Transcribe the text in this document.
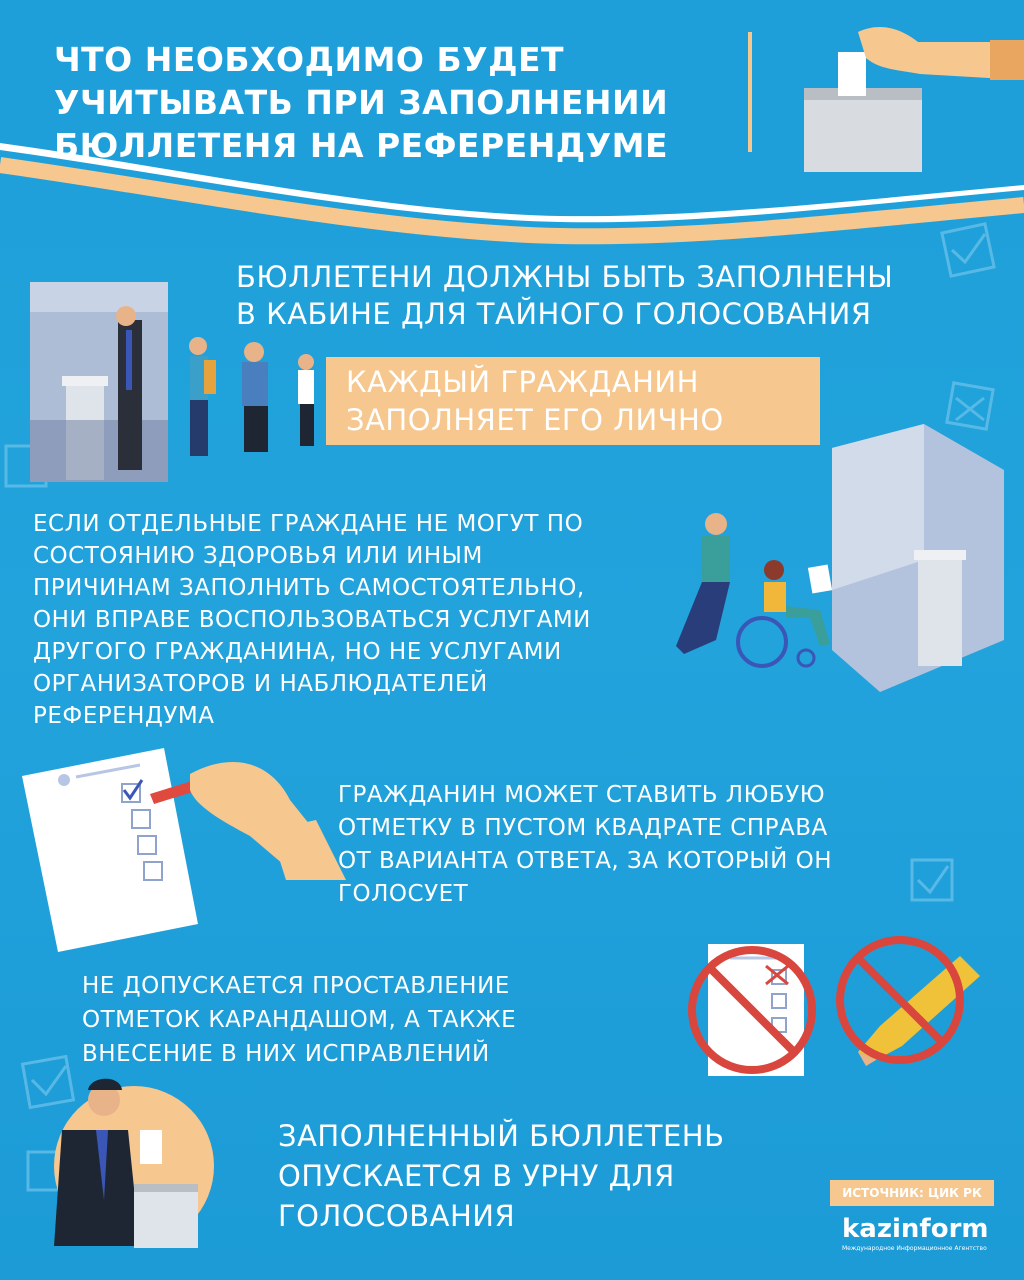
ЧТО НЕОБХОДИМО БУДЕТ
УЧИТЫВАТЬ ПРИ ЗАПОЛНЕНИИ
БЮЛЛЕТЕНЯ НА РЕФЕРЕНДУМЕ
БЮЛЛЕТЕНИ ДОЛЖНЫ БЫТЬ ЗАПОЛНЕНЫ
В КАБИНЕ ДЛЯ ТАЙНОГО ГОЛОСОВАНИЯ
КАЖДЫЙ ГРАЖДАНИН
ЗАПОЛНЯЕТ ЕГО ЛИЧНО
ЕСЛИ ОТДЕЛЬНЫЕ ГРАЖДАНЕ НЕ МОГУТ ПО
СОСТОЯНИЮ ЗДОРОВЬЯ ИЛИ ИНЫМ
ПРИЧИНАМ ЗАПОЛНИТЬ САМОСТОЯТЕЛЬНО,
ОНИ ВПРАВЕ ВОСПОЛЬЗОВАТЬСЯ УСЛУГАМИ
ДРУГОГО ГРАЖДАНИНА, НО НЕ УСЛУГАМИ
ОРГАНИЗАТОРОВ И НАБЛЮДАТЕЛЕЙ
РЕФЕРЕНДУМА
ГРАЖДАНИН МОЖЕТ СТАВИТЬ ЛЮБУЮ
ОТМЕТКУ В ПУСТОМ КВАДРАТЕ СПРАВА
ОТ ВАРИАНТА ОТВЕТА, ЗА КОТОРЫЙ ОН
ГОЛОСУЕТ
НЕ ДОПУСКАЕТСЯ ПРОСТАВЛЕНИЕ
ОТМЕТОК КАРАНДАШОМ, А ТАКЖЕ
ВНЕСЕНИЕ В НИХ ИСПРАВЛЕНИЙ
ЗАПОЛНЕННЫЙ БЮЛЛЕТЕНЬ
ОПУСКАЕТСЯ В УРНУ ДЛЯ
ГОЛОСОВАНИЯ
ИСТОЧНИК: ЦИК РК
kazinform
Международное Информационное Агентство
